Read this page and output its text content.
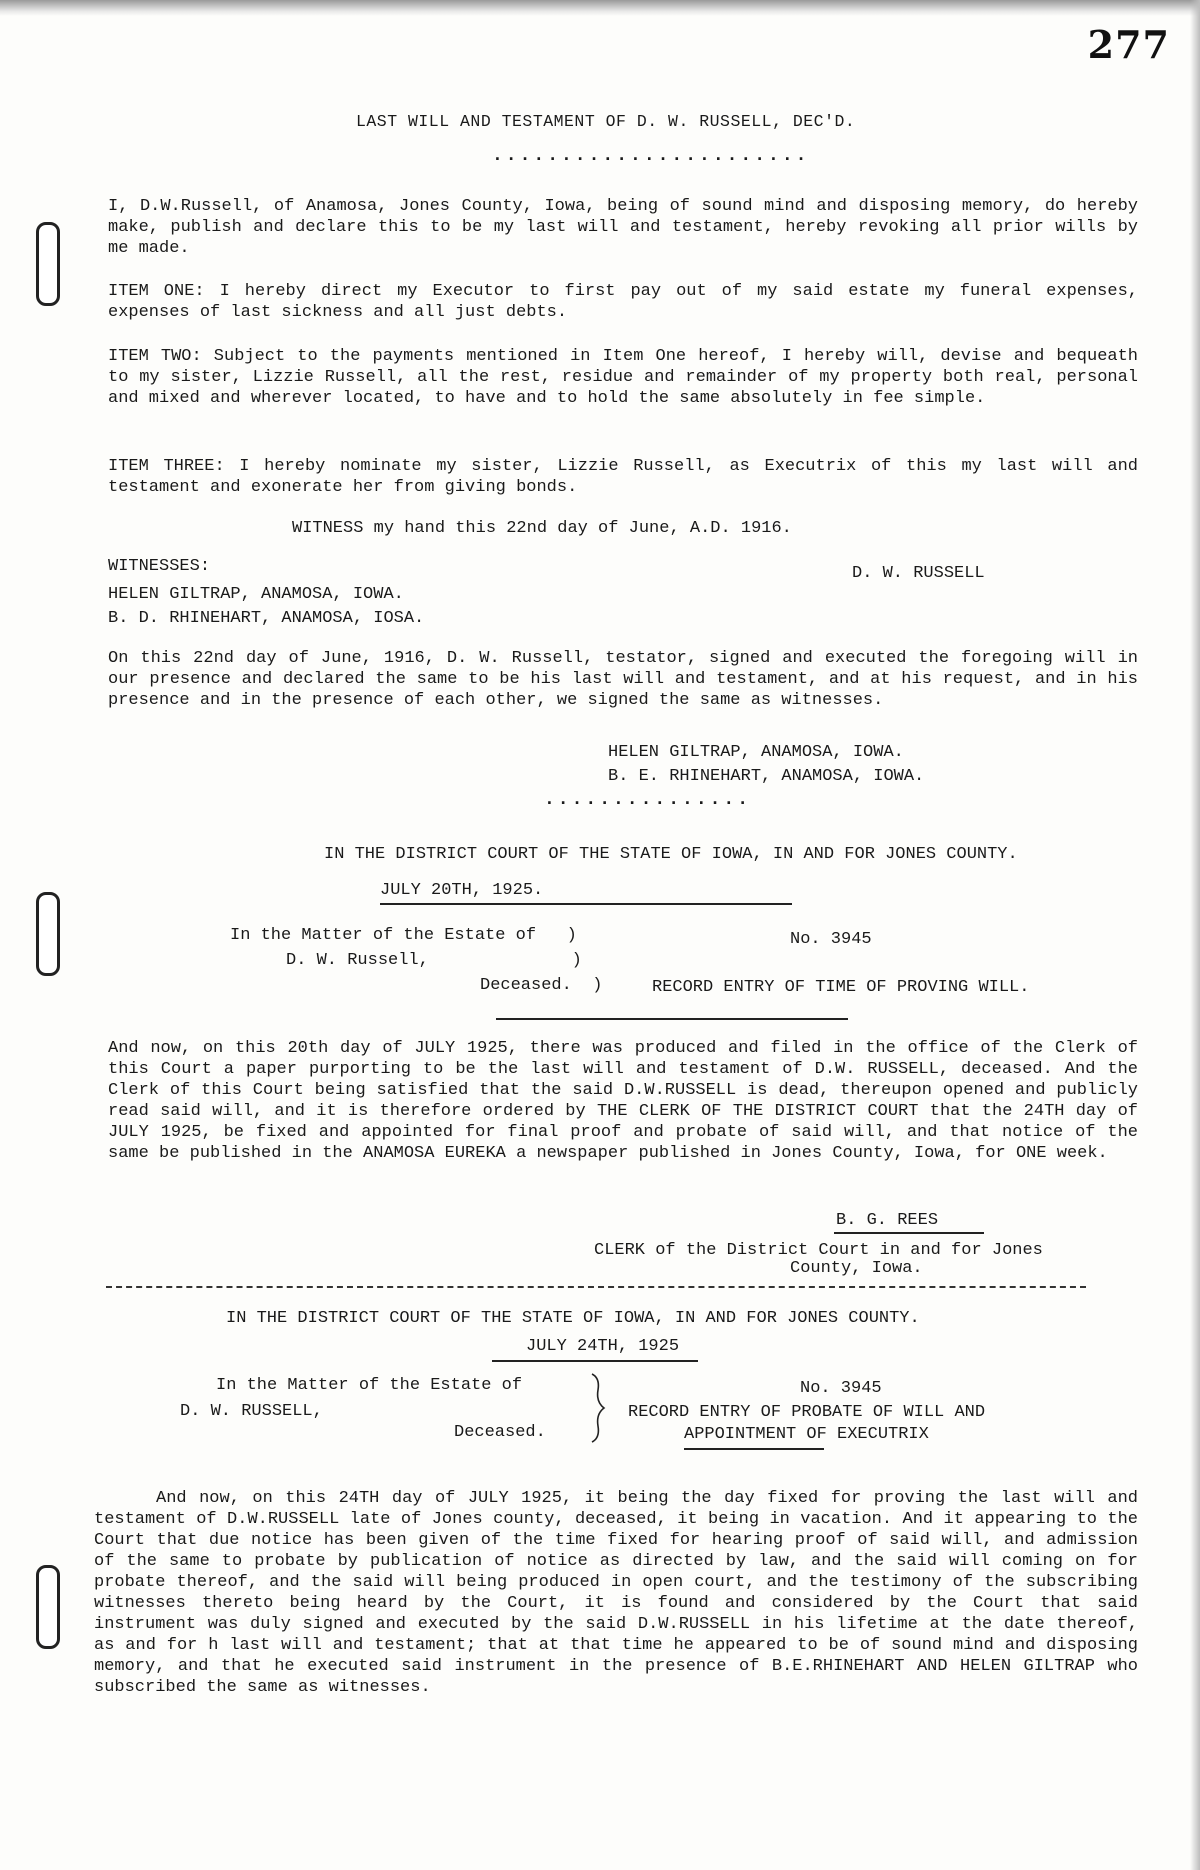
277
LAST WILL AND TESTAMENT OF D. W. RUSSELL, DEC'D.
.......................
I, D.W.Russell, of Anamosa, Jones County, Iowa, being of sound mind and disposing memory, do hereby make, publish and declare this to be my last will and testament, hereby revoking all prior wills by me made.
ITEM ONE: I hereby direct my Executor to first pay out of my said estate my funeral expenses, expenses of last sickness and all just debts.
ITEM TWO: Subject to the payments mentioned in Item One hereof, I hereby will, devise and bequeath to my sister, Lizzie Russell, all the rest, residue and remainder of my property both real, personal and mixed and wherever located, to have and to hold the same absolutely in fee simple.
ITEM THREE: I hereby nominate my sister, Lizzie Russell, as Executrix of this my last will and testament and exonerate her from giving bonds.
WITNESS my hand this 22nd day of June, A.D. 1916.
WITNESSES:	D. W. RUSSELL
HELEN GILTRAP, ANAMOSA, IOWA.
B. D. RHINEHART, ANAMOSA, IOSA.
On this 22nd day of June, 1916, D. W. Russell, testator, signed and executed the foregoing will in our presence and declared the same to be his last will and testament, and at his request, and in his presence and in the presence of each other, we signed the same as witnesses.
HELEN GILTRAP, ANAMOSA, IOWA.
B. E. RHINEHART, ANAMOSA, IOWA.
...............
IN THE DISTRICT COURT OF THE STATE OF IOWA, IN AND FOR JONES COUNTY.
JULY 20TH, 1925.
In the Matter of the Estate of   )
D. W. Russell,              )
Deceased.  )
No. 3945
RECORD ENTRY OF TIME OF PROVING WILL.
And now, on this 20th day of JULY 1925, there was produced and filed in the office of the Clerk of this Court a paper purporting to be the last will and testament of D.W. RUSSELL, deceased. And the Clerk of this Court being satisfied that the said D.W.RUSSELL is dead, thereupon opened and publicly read said will, and it is therefore ordered by THE CLERK OF THE DISTRICT COURT that the 24TH day of JULY 1925, be fixed and appointed for final proof and probate of said will, and that notice of the same be published in the ANAMOSA EUREKA a newspaper published in Jones County, Iowa, for ONE week.
B. G. REES
CLERK of the District Court in and for Jones
County, Iowa.
IN THE DISTRICT COURT OF THE STATE OF IOWA, IN AND FOR JONES COUNTY.
JULY 24TH, 1925
In the Matter of the Estate of
D. W. RUSSELL,
Deceased.
No. 3945
RECORD ENTRY OF PROBATE OF WILL AND
APPOINTMENT OF EXECUTRIX
And now, on this 24TH day of JULY 1925, it being the day fixed for proving the last will and testament of D.W.RUSSELL late of Jones county, deceased, it being in vacation. And it appearing to the Court that due notice has been given of the time fixed for hearing proof of said will, and admission of the same to probate by publication of notice as directed by law, and the said will coming on for probate thereof, and the said will being produced in open court, and the testimony of the subscribing witnesses thereto being heard by the Court, it is found and considered by the Court that said instrument was duly signed and executed by the said D.W.RUSSELL in his lifetime at the date thereof, as and for h last will and testament; that at that time he appeared to be of sound mind and disposing memory, and that he executed said instrument in the presence of B.E.RHINEHART AND HELEN GILTRAP who subscribed the same as witnesses.
